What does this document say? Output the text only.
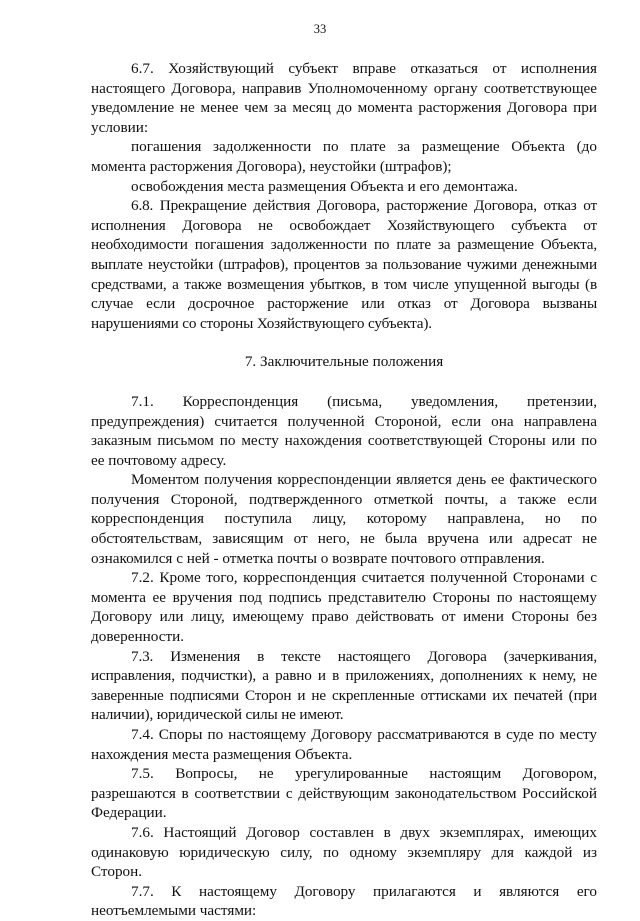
33

6.7. Хозяйствующий субъект вправе отказаться от исполнения настоящего Договора, направив Уполномоченному органу соответствующее уведомление не менее чем за месяц до момента расторжения Договора при условии:

погашения задолженности по плате за размещение Объекта (до момента расторжения Договора), неустойки (штрафов);

освобождения места размещения Объекта и его демонтажа.

6.8. Прекращение действия Договора, расторжение Договора, отказ от исполнения Договора не освобождает Хозяйствующего субъекта от необходимости погашения задолженности по плате за размещение Объекта, выплате неустойки (штрафов), процентов за пользование чужими денежными средствами, а также возмещения убытков, в том числе упущенной выгоды (в случае если досрочное расторжение или отказ от Договора вызваны нарушениями со стороны Хозяйствующего субъекта).

7. Заключительные положения

7.1. Корреспонденция (письма, уведомления, претензии, предупреждения) считается полученной Стороной, если она направлена заказным письмом по месту нахождения соответствующей Стороны или по ее почтовому адресу.

Моментом получения корреспонденции является день ее фактического получения Стороной, подтвержденного отметкой почты, а также если корреспонденция поступила лицу, которому направлена, но по обстоятельствам, зависящим от него, не была вручена или адресат не ознакомился с ней - отметка почты о возврате почтового отправления.

7.2. Кроме того, корреспонденция считается полученной Сторонами с момента ее вручения под подпись представителю Стороны по настоящему Договору или лицу, имеющему право действовать от имени Стороны без доверенности.

7.3. Изменения в тексте настоящего Договора (зачеркивания, исправления, подчистки), а равно и в приложениях, дополнениях к нему, не заверенные подписями Сторон и не скрепленные оттисками их печатей (при наличии), юридической силы не имеют.

7.4. Споры по настоящему Договору рассматриваются в суде по месту нахождения места размещения Объекта.

7.5. Вопросы, не урегулированные настоящим Договором, разрешаются в соответствии с действующим законодательством Российской Федерации.

7.6. Настоящий Договор составлен в двух экземплярах, имеющих одинаковую юридическую силу, по одному экземпляру для каждой из Сторон.

7.7. К настоящему Договору прилагаются и являются его неотъемлемыми частями:
